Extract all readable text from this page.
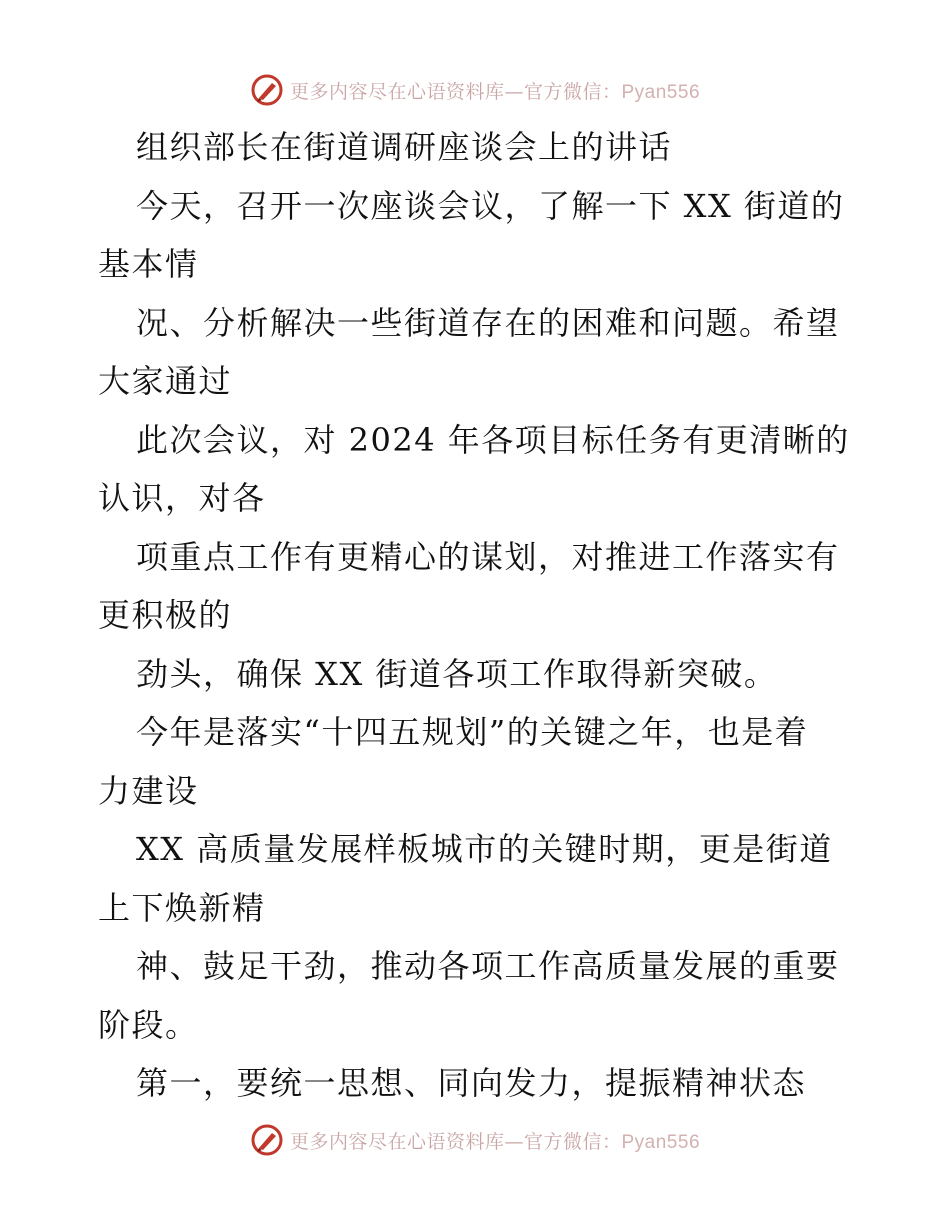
更多内容尽在心语资料库—官方微信：Pyan556
组织部长在街道调研座谈会上的讲话
今天，召开一次座谈会议，了解一下 XX 街道的
基本情
况、分析解决一些街道存在的困难和问题。希望
大家通过
此次会议，对 2024 年各项目标任务有更清晰的
认识，对各
项重点工作有更精心的谋划，对推进工作落实有
更积极的
劲头，确保 XX 街道各项工作取得新突破。
今年是落实“十四五规划”的关键之年，也是着
力建设
XX 高质量发展样板城市的关键时期，更是街道
上下焕新精
神、鼓足干劲，推动各项工作高质量发展的重要
阶段。
第一，要统一思想、同向发力，提振精神状态
更多内容尽在心语资料库—官方微信：Pyan556
